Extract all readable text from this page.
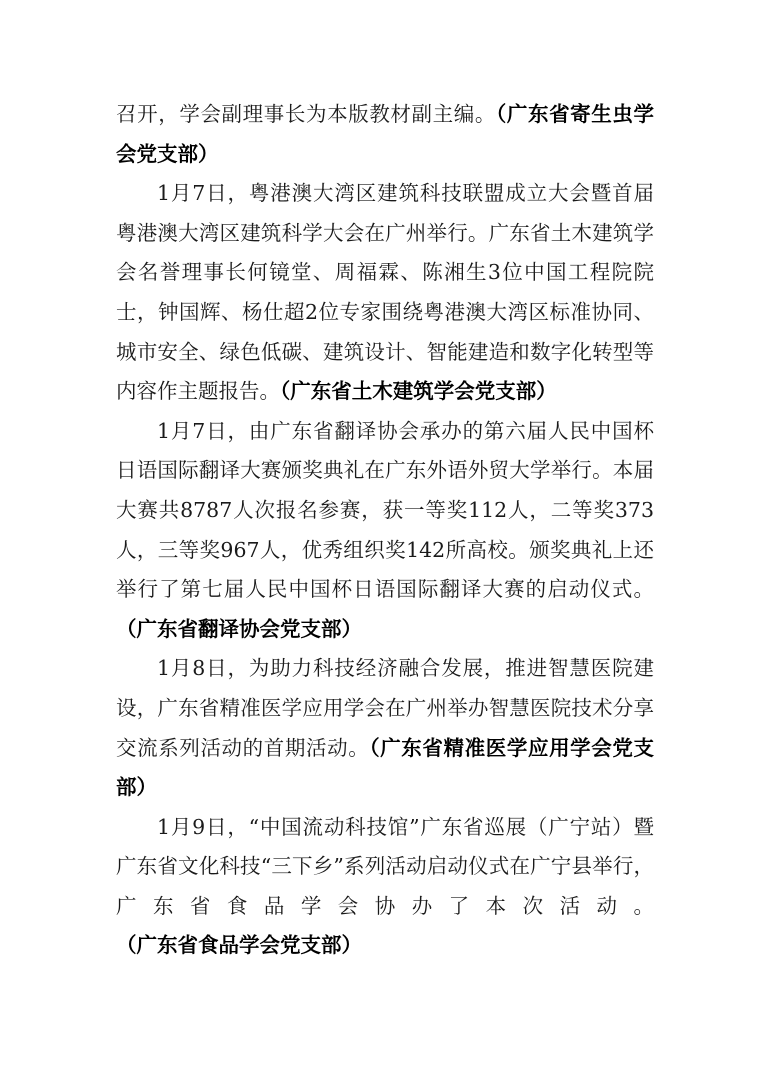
召开，学会副理事长为本版教材副主编。（广东省寄生虫学会党支部）

1月7日，粤港澳大湾区建筑科技联盟成立大会暨首届粤港澳大湾区建筑科学大会在广州举行。广东省土木建筑学会名誉理事长何镜堂、周福霖、陈湘生3位中国工程院院士，钟国辉、杨仕超2位专家围绕粤港澳大湾区标准协同、城市安全、绿色低碳、建筑设计、智能建造和数字化转型等内容作主题报告。（广东省土木建筑学会党支部）

1月7日，由广东省翻译协会承办的第六届人民中国杯日语国际翻译大赛颁奖典礼在广东外语外贸大学举行。本届大赛共8787人次报名参赛，获一等奖112人，二等奖373人，三等奖967人，优秀组织奖142所高校。颁奖典礼上还举行了第七届人民中国杯日语国际翻译大赛的启动仪式。（广东省翻译协会党支部）

1月8日，为助力科技经济融合发展，推进智慧医院建设，广东省精准医学应用学会在广州举办智慧医院技术分享交流系列活动的首期活动。（广东省精准医学应用学会党支部）

1月9日，“中国流动科技馆”广东省巡展（广宁站）暨广东省文化科技“三下乡”系列活动启动仪式在广宁县举行，广东省食品学会协办了本次活动。（广东省食品学会党支部）
